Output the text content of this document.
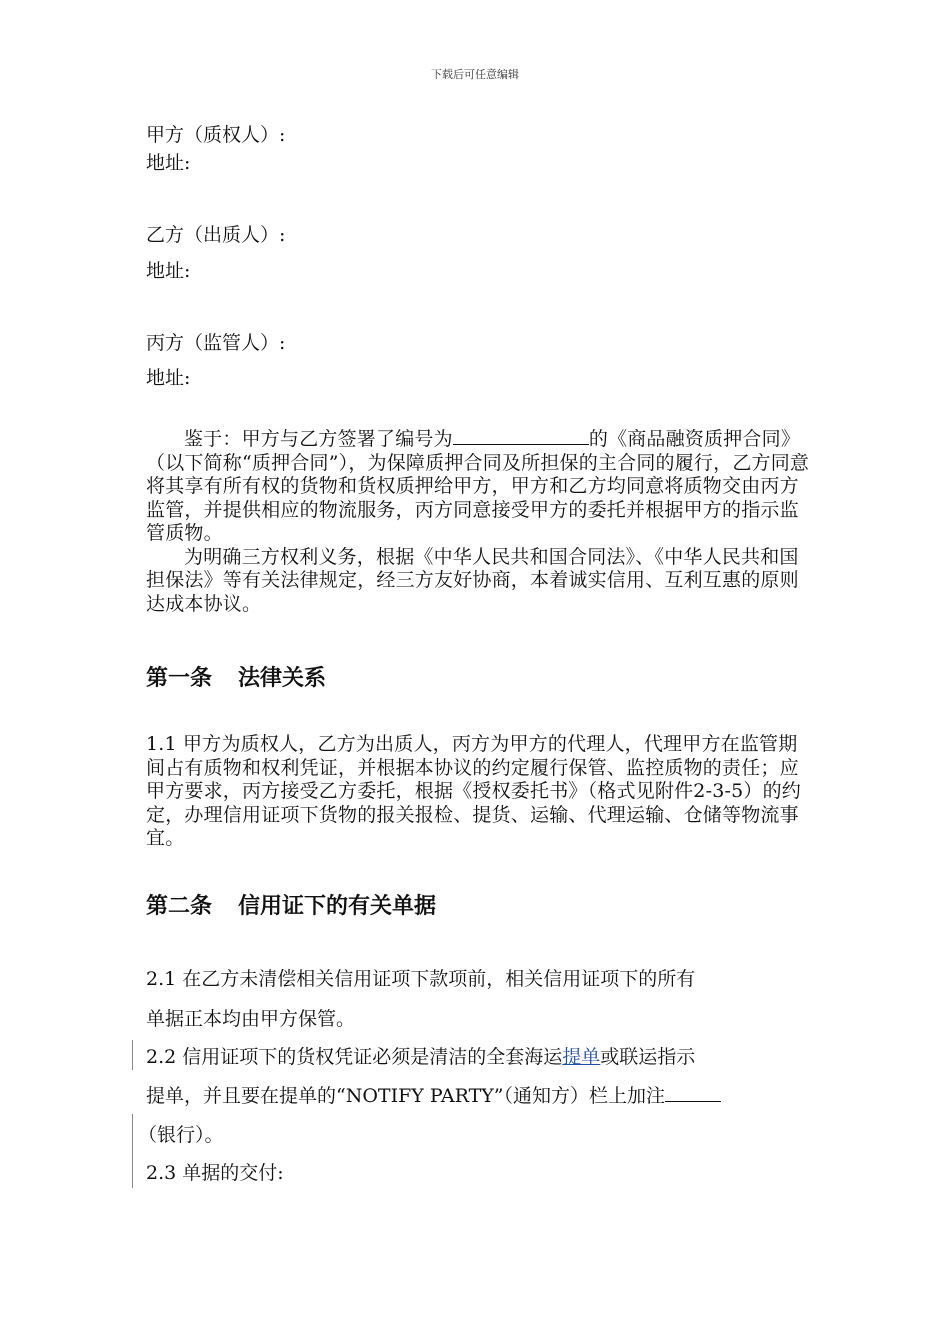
下载后可任意编辑
甲方（质权人）:
地址:
乙方（出质人）:
地址:
丙方（监管人）:
地址:

鉴于：甲方与乙方签署了编号为	的《商品融资质押合同》（以下简称“质押合同”），为保障质押合同及所担保的主合同的履行，乙方同意将其享有所有权的货物和货权质押给甲方，甲方和乙方均同意将质物交由丙方监管，并提供相应的物流服务，丙方同意接受甲方的委托并根据甲方的指示监管质物。

为明确三方权利义务，根据《中华人民共和国合同法》、《中华人民共和国担保法》等有关法律规定，经三方友好协商，本着诚实信用、互利互惠的原则达成本协议。

第一条 法律关系

1.1 甲方为质权人，乙方为出质人，丙方为甲方的代理人，代理甲方在监管期间占有质物和权利凭证，并根据本协议的约定履行保管、监控质物的责任；应甲方要求，丙方接受乙方委托，根据《授权委托书》（格式见附件2-3-5）的约定，办理信用证项下货物的报关报检、提货、运输、代理运输、仓储等物流事宜。

第二条 信用证下的有关单据
2.1 在乙方未清偿相关信用证项下款项前，相关信用证项下的所有
单据正本均由甲方保管。
2.2 信用证项下的货权凭证必须是清洁的全套海运提单或联运指示
提单，并且要在提单的“NOTIFY PARTY”（通知方）栏上加注
（银行）。
2.3 单据的交付:
